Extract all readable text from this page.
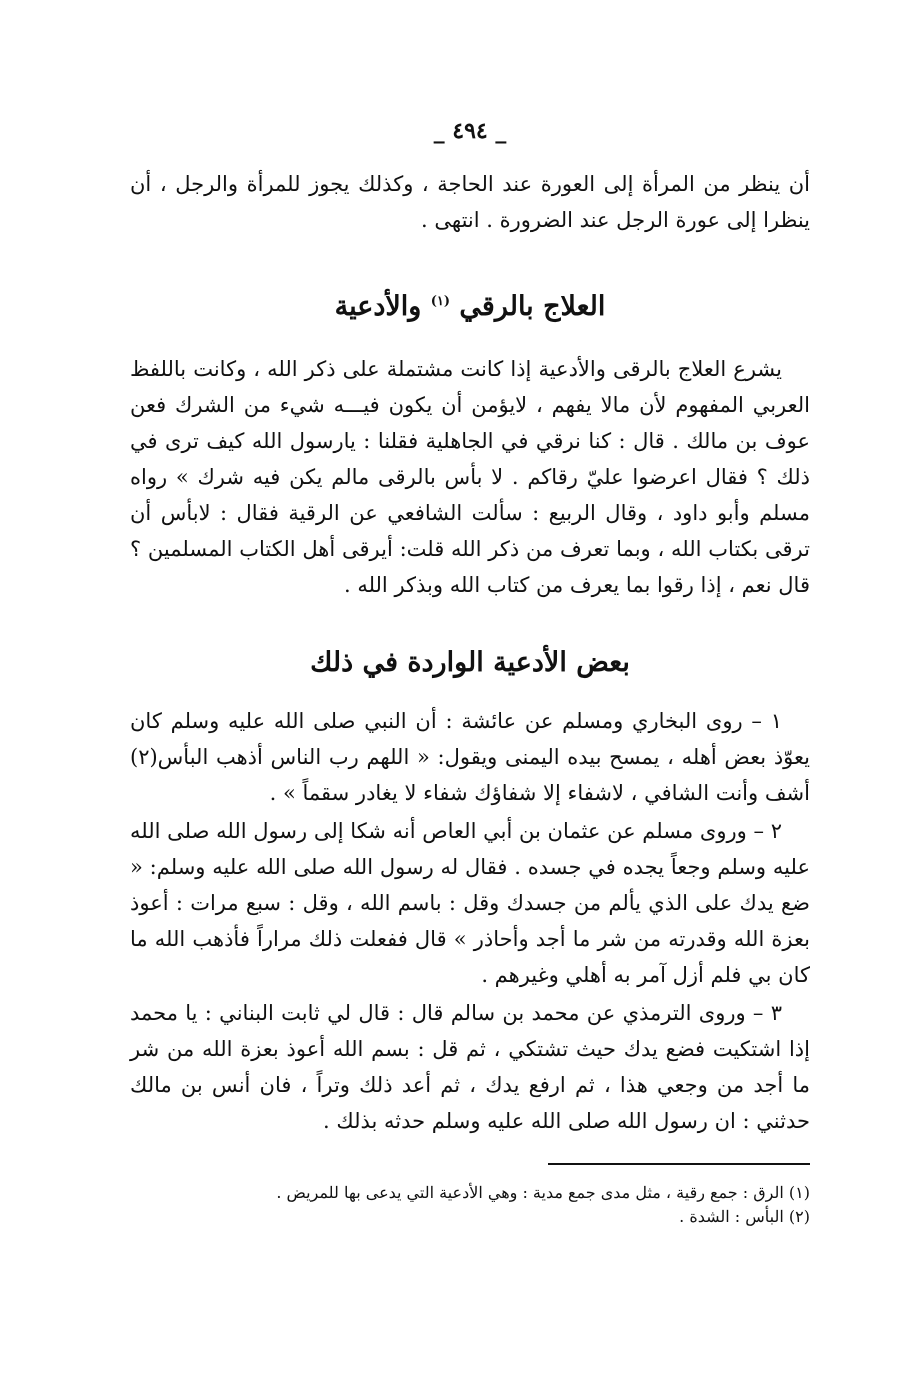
_ ٤٩٤ _

أن ينظر من المرأة إلى العورة عند الحاجة ، وكذلك يجوز للمرأة والرجل ، أن ينظرا إلى عورة الرجل عند الضرورة . انتهى .

العلاج بالرقي $^{(١)}$ والأدعية

يشرع العلاج بالرقى والأدعية إذا كانت مشتملة على ذكر الله ، وكانت باللفظ العربي المفهوم لأن مالا يفهم ، لايؤمن أن يكون فيـــه شيء من الشرك فعن عوف بن مالك . قال : كنا نرقي في الجاهلية فقلنا : يارسول الله كيف ترى في ذلك ؟ فقال اعرضوا عليّ رقاكم . لا بأس بالرقى مالم يكن فيه شرك » رواه مسلم وأبو داود ، وقال الربيع : سألت الشافعي عن الرقية فقال : لابأس أن ترقى بكتاب الله ، وبما تعرف من ذكر الله قلت: أيرقى أهل الكتاب المسلمين ؟ قال نعم ، إذا رقوا بما يعرف من كتاب الله وبذكر الله .

بعض الأدعية الواردة في ذلك

١ – روى البخاري ومسلم عن عائشة : أن النبي صلى الله عليه وسلم كان يعوّذ بعض أهله ، يمسح بيده اليمنى ويقول: « اللهم رب الناس أذهب البأس(٢) أشف وأنت الشافي ، لاشفاء إلا شفاؤك شفاء لا يغادر سقماً » .

٢ – وروى مسلم عن عثمان بن أبي العاص أنه شكا إلى رسول الله صلى الله عليه وسلم وجعاً يجده في جسده . فقال له رسول الله صلى الله عليه وسلم: « ضع يدك على الذي يألم من جسدك وقل : باسم الله ، وقل : سبع مرات : أعوذ بعزة الله وقدرته من شر ما أجد وأحاذر » قال ففعلت ذلك مراراً فأذهب الله ما كان بي فلم أزل آمر به أهلي وغيرهم .

٣ – وروى الترمذي عن محمد بن سالم قال : قال لي ثابت البناني : يا محمد إذا اشتكيت فضع يدك حيث تشتكي ، ثم قل : بسم الله أعوذ بعزة الله من شر ما أجد من وجعي هذا ، ثم ارفع يدك ، ثم أعد ذلك وتراً ، فان أنس بن مالك حدثني : ان رسول الله صلى الله عليه وسلم حدثه بذلك .

(١) الرق : جمع رقية ، مثل مدى جمع مدية : وهي الأدعية التي يدعى بها للمريض .

(٢) البأس : الشدة .
